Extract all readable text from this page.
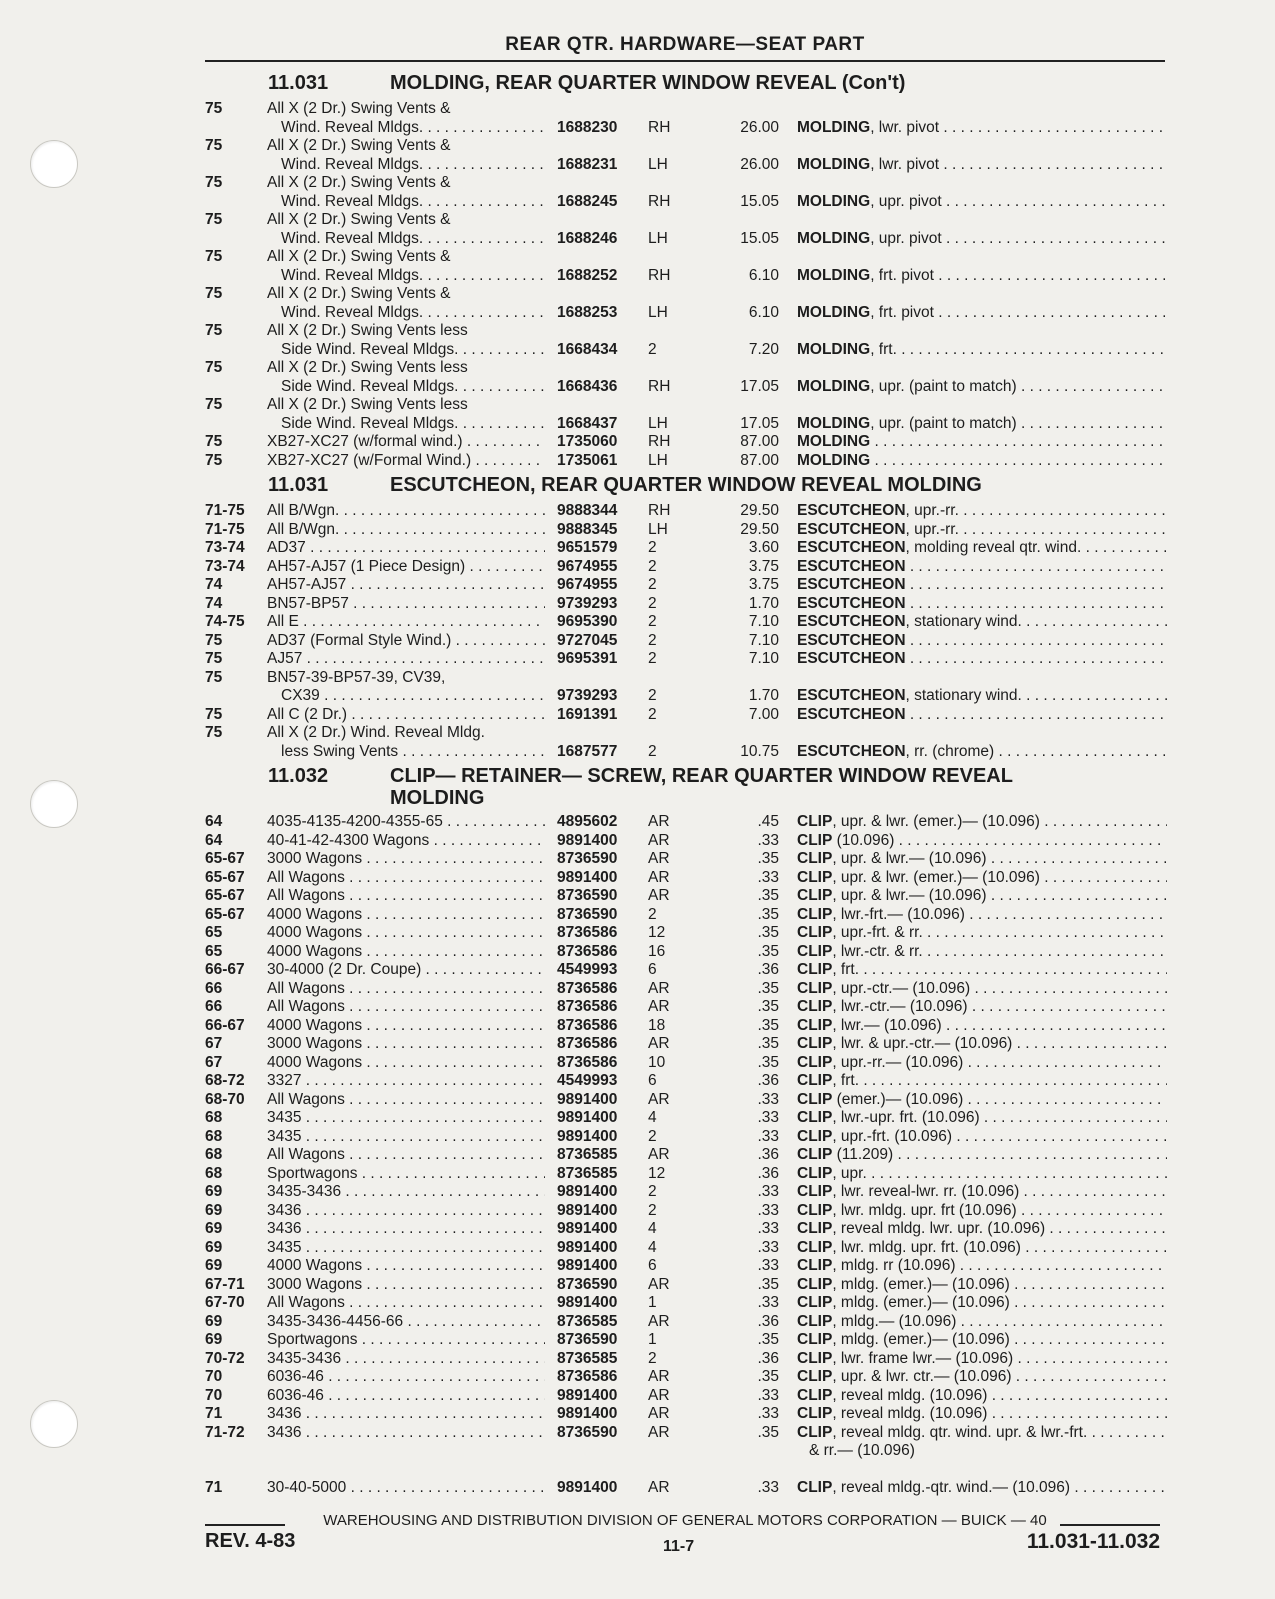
REAR QTR. HARDWARE—SEAT PART
11.031	MOLDING, REAR QUARTER WINDOW REVEAL (Con't)
75	All X (2 Dr.) Swing Vents &
Wind. Reveal Mldgs. . . .	1688230 RH	26.00 MOLDING, lwr. pivot . . .
75	All X (2 Dr.) Swing Vents &
Wind. Reveal Mldgs. . . .	1688231 LH	26.00 MOLDING, lwr. pivot . . .
75	All X (2 Dr.) Swing Vents &
Wind. Reveal Mldgs. . . .	1688245 RH	15.05 MOLDING, upr. pivot . . .
75	All X (2 Dr.) Swing Vents &
Wind. Reveal Mldgs. . . .	1688246 LH	15.05 MOLDING, upr. pivot . . .
75	All X (2 Dr.) Swing Vents &
Wind. Reveal Mldgs. . . .	1688252 RH	6.10 MOLDING, frt. pivot . . .
75	All X (2 Dr.) Swing Vents &
Wind. Reveal Mldgs. . . .	1688253 LH	6.10 MOLDING, frt. pivot . . .
75	All X (2 Dr.) Swing Vents less
Side Wind. Reveal Mldgs. . . .	1668434 2	7.20 MOLDING, frt. . . .
75	All X (2 Dr.) Swing Vents less
Side Wind. Reveal Mldgs. . . .	1668436 RH	17.05 MOLDING, upr. (paint to match) . . .
75	All X (2 Dr.) Swing Vents less
Side Wind. Reveal Mldgs. . . .	1668437 LH	17.05 MOLDING, upr. (paint to match) . . .
75	XB27-XC27 (w/formal wind.) . . .	1735060 RH	87.00 MOLDING . . .
75	XB27-XC27 (w/Formal Wind.) . . .	1735061 LH	87.00 MOLDING . . .
11.031	ESCUTCHEON, REAR QUARTER WINDOW REVEAL MOLDING
71-75 All B/Wgn. . . .	9888344 RH	29.50 ESCUTCHEON, upr.-rr. . . .
71-75 All B/Wgn. . . .	9888345 LH	29.50 ESCUTCHEON, upr.-rr. . . .
73-74 AD37 . . .	9651579 2	3.60 ESCUTCHEON, molding reveal qtr. wind. . . .
73-74 AH57-AJ57 (1 Piece Design) . . .	9674955 2	3.75 ESCUTCHEON . . .
74	AH57-AJ57 . . .	9674955 2	3.75 ESCUTCHEON . . .
74	BN57-BP57 . . .	9739293 2	1.70 ESCUTCHEON . . .
74-75 All E . . .	9695390 2	7.10 ESCUTCHEON, stationary wind. . . .
75	AD37 (Formal Style Wind.) . . .	9727045 2	7.10 ESCUTCHEON . . .
75	AJ57 . . .	9695391 2	7.10 ESCUTCHEON . . .
75	BN57-39-BP57-39, CV39,
CX39 . . .	9739293 2	1.70 ESCUTCHEON, stationary wind. . . .
75	All C (2 Dr.) . . .	1691391 2	7.00 ESCUTCHEON . . .
75	All X (2 Dr.) Wind. Reveal Mldg.
less Swing Vents . . .	1687577 2	10.75 ESCUTCHEON, rr. (chrome) . . .
11.032	CLIP— RETAINER— SCREW, REAR QUARTER WINDOW REVEAL MOLDING
64	4035-4135-4200-4355-65 . . .	4895602 AR	.45 CLIP, upr. & lwr. (emer.)— (10.096) . . .
64	40-41-42-4300 Wagons . . .	9891400 AR	.33 CLIP (10.096) . . .
65-67 3000 Wagons . . .	8736590 AR	.35 CLIP, upr. & lwr.— (10.096) . . .
65-67 All Wagons . . .	9891400 AR	.33 CLIP, upr. & lwr. (emer.)— (10.096) . . .
65-67 All Wagons . . .	8736590 AR	.35 CLIP, upr. & lwr.— (10.096) . . .
65-67 4000 Wagons . . .	8736590 2	.35 CLIP, lwr.-frt.— (10.096) . . .
65	4000 Wagons . . .	8736586 12	.35 CLIP, upr.-frt. & rr. . . .
65	4000 Wagons . . .	8736586 16	.35 CLIP, lwr.-ctr. & rr. . . .
66-67 30-4000 (2 Dr. Coupe) . . .	4549993 6	.36 CLIP, frt. . . .
66	All Wagons . . .	8736586 AR	.35 CLIP, upr.-ctr.— (10.096) . . .
66	All Wagons . . .	8736586 AR	.35 CLIP, lwr.-ctr.— (10.096) . . .
66-67 4000 Wagons . . .	8736586 18	.35 CLIP, lwr.— (10.096) . . .
67	3000 Wagons . . .	8736586 AR	.35 CLIP, lwr. & upr.-ctr.— (10.096) . . .
67	4000 Wagons . . .	8736586 10	.35 CLIP, upr.-rr.— (10.096) . . .
68-72 3327 . . .	4549993 6	.36 CLIP, frt. . . .
68-70 All Wagons . . .	9891400 AR	.33 CLIP (emer.)— (10.096) . . .
68	3435 . . .	9891400 4	.33 CLIP, lwr.-upr. frt. (10.096) . . .
68	3435 . . .	9891400 2	.33 CLIP, upr.-frt. (10.096) . . .
68	All Wagons . . .	8736585 AR	.36 CLIP (11.209) . . .
68	Sportwagons . . .	8736585 12	.36 CLIP, upr. . . .
69	3435-3436 . . .	9891400 2	.33 CLIP, lwr. reveal-lwr. rr. (10.096) . . .
69	3436 . . .	9891400 2	.33 CLIP, lwr. mldg. upr. frt (10.096) . . .
69	3436 . . .	9891400 4	.33 CLIP, reveal mldg. lwr. upr. (10.096) . . .
69	3435 . . .	9891400 4	.33 CLIP, lwr. mldg. upr. frt. (10.096) . . .
69	4000 Wagons . . .	9891400 6	.33 CLIP, mldg. rr (10.096) . . .
67-71 3000 Wagons . . .	8736590 AR	.35 CLIP, mldg. (emer.)— (10.096) . . .
67-70 All Wagons . . .	9891400 1	.33 CLIP, mldg. (emer.)— (10.096) . . .
69	3435-3436-4456-66 . . .	8736585 AR	.36 CLIP, mldg.— (10.096) . . .
69	Sportwagons . . .	8736590 1	.35 CLIP, mldg. (emer.)— (10.096) . . .
70-72 3435-3436 . . .	8736585 2	.36 CLIP, lwr. frame lwr.— (10.096) . . .
70	6036-46 . . .	8736586 AR	.35 CLIP, upr. & lwr. ctr.— (10.096) . . .
70	6036-46 . . .	9891400 AR	.33 CLIP, reveal mldg. (10.096) . . .
71	3436 . . .	9891400 AR	.33 CLIP, reveal mldg. (10.096) . . .
71-72 3436 . . .	8736590 AR	.35 CLIP, reveal mldg. qtr. wind. upr. & lwr.-frt. . . .
& rr.— (10.096)
71	30-40-5000 . . .	9891400 AR	.33 CLIP, reveal mldg.-qtr. wind.— (10.096) . . .
WAREHOUSING AND DISTRIBUTION DIVISION OF GENERAL MOTORS CORPORATION — BUICK — 40
REV. 4-83	11-7	11.031-11.032
